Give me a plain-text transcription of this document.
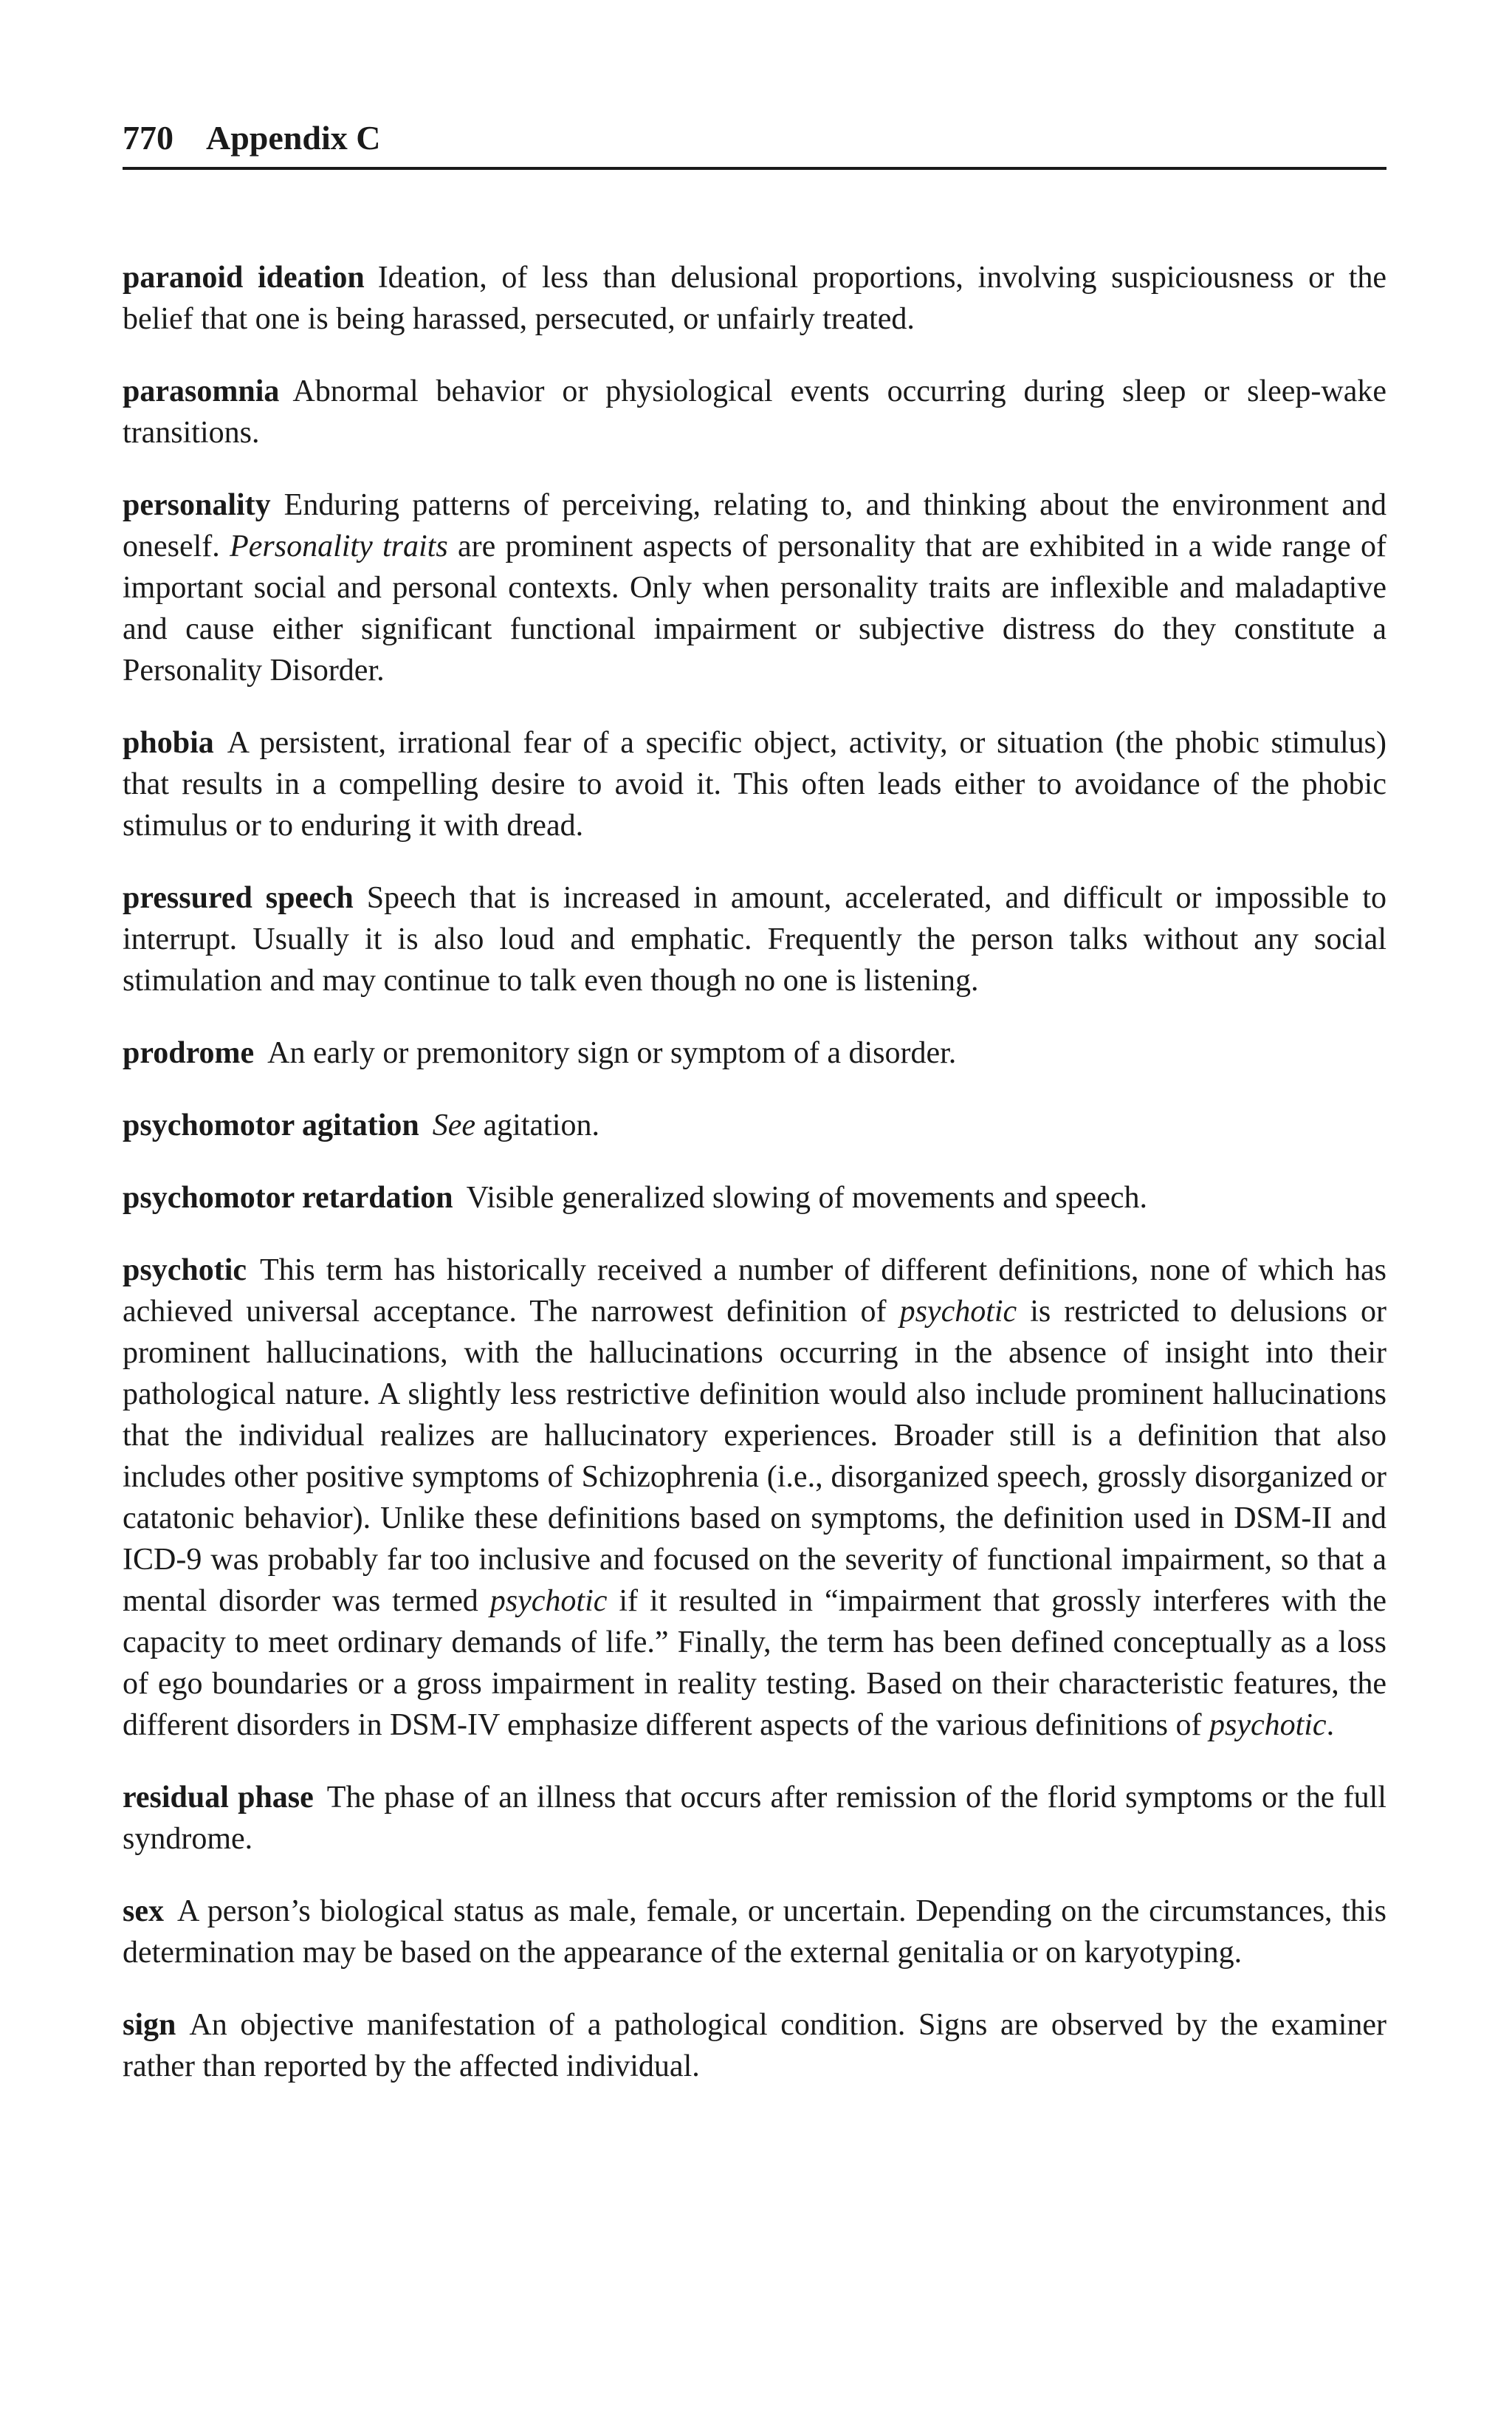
770 Appendix C

paranoid ideation Ideation, of less than delusional proportions, involving suspiciousness or the belief that one is being harassed, persecuted, or unfairly treated.

parasomnia Abnormal behavior or physiological events occurring during sleep or sleep-wake transitions.

personality Enduring patterns of perceiving, relating to, and thinking about the environment and oneself. Personality traits are prominent aspects of personality that are exhibited in a wide range of important social and personal contexts. Only when personality traits are inflexible and maladaptive and cause either significant functional impairment or subjective distress do they constitute a Personality Disorder.

phobia A persistent, irrational fear of a specific object, activity, or situation (the phobic stimulus) that results in a compelling desire to avoid it. This often leads either to avoidance of the phobic stimulus or to enduring it with dread.

pressured speech Speech that is increased in amount, accelerated, and difficult or impossible to interrupt. Usually it is also loud and emphatic. Frequently the person talks without any social stimulation and may continue to talk even though no one is listening.

prodrome An early or premonitory sign or symptom of a disorder.

psychomotor agitation See agitation.

psychomotor retardation Visible generalized slowing of movements and speech.

psychotic This term has historically received a number of different definitions, none of which has achieved universal acceptance. The narrowest definition of psychotic is restricted to delusions or prominent hallucinations, with the hallucinations occurring in the absence of insight into their pathological nature. A slightly less restrictive definition would also include prominent hallucinations that the individual realizes are hallucinatory experiences. Broader still is a definition that also includes other positive symptoms of Schizophrenia (i.e., disorganized speech, grossly disorganized or catatonic behavior). Unlike these definitions based on symptoms, the definition used in DSM-II and ICD-9 was probably far too inclusive and focused on the severity of functional impairment, so that a mental disorder was termed psychotic if it resulted in “impairment that grossly interferes with the capacity to meet ordinary demands of life.” Finally, the term has been defined conceptually as a loss of ego boundaries or a gross impairment in reality testing. Based on their characteristic features, the different disorders in DSM-IV emphasize different aspects of the various definitions of psychotic.

residual phase The phase of an illness that occurs after remission of the florid symptoms or the full syndrome.

sex A person’s biological status as male, female, or uncertain. Depending on the circumstances, this determination may be based on the appearance of the external genitalia or on karyotyping.

sign An objective manifestation of a pathological condition. Signs are observed by the examiner rather than reported by the affected individual.
